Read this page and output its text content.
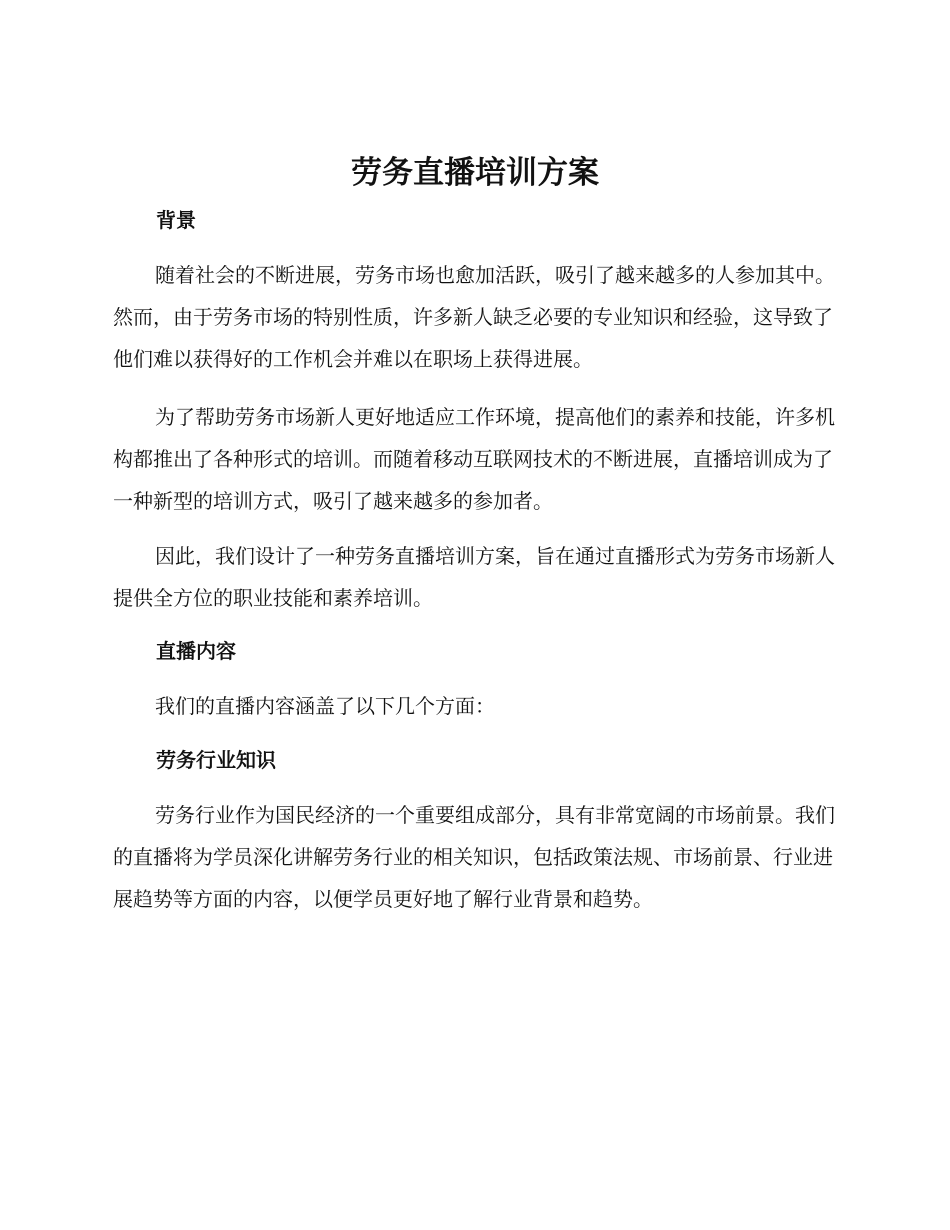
劳务直播培训方案
背景

随着社会的不断进展，劳务市场也愈加活跃，吸引了越来越多的人参加其中。然而，由于劳务市场的特别性质，许多新人缺乏必要的专业知识和经验，这导致了他们难以获得好的工作机会并难以在职场上获得进展。

为了帮助劳务市场新人更好地适应工作环境，提高他们的素养和技能，许多机构都推出了各种形式的培训。而随着移动互联网技术的不断进展，直播培训成为了一种新型的培训方式，吸引了越来越多的参加者。

因此，我们设计了一种劳务直播培训方案，旨在通过直播形式为劳务市场新人提供全方位的职业技能和素养培训。

直播内容

我们的直播内容涵盖了以下几个方面：

劳务行业知识

劳务行业作为国民经济的一个重要组成部分，具有非常宽阔的市场前景。我们的直播将为学员深化讲解劳务行业的相关知识，包括政策法规、市场前景、行业进展趋势等方面的内容，以便学员更好地了解行业背景和趋势。
